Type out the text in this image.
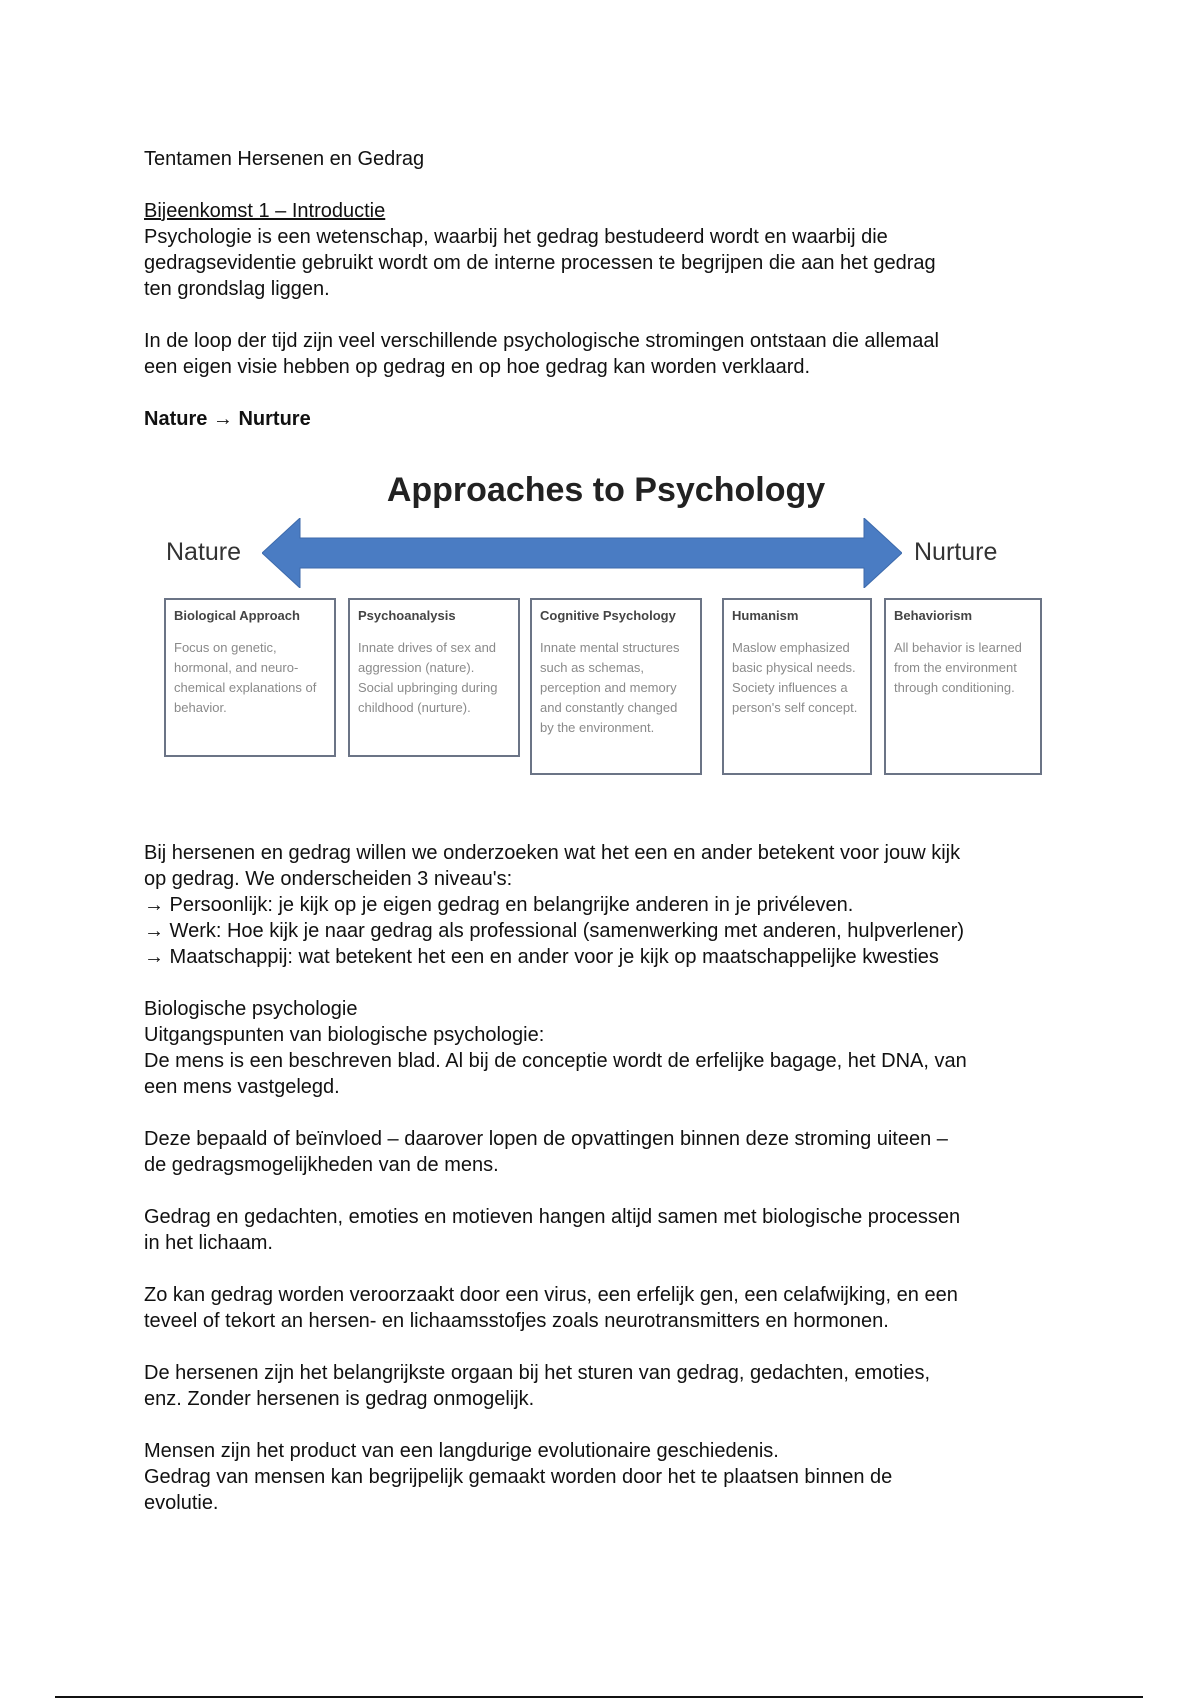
Tentamen Hersenen en Gedrag

Bijeenkomst 1 – Introductie

Psychologie is een wetenschap, waarbij het gedrag bestudeerd wordt en waarbij die

gedragsevidentie gebruikt wordt om de interne processen te begrijpen die aan het gedrag

ten grondslag liggen.

In de loop der tijd zijn veel verschillende psychologische stromingen ontstaan die allemaal

een eigen visie hebben op gedrag en op hoe gedrag kan worden verklaard.

Nature → Nurture

Approaches to Psychology
Nature	Nurture
Biological Approach

Focus on genetic, hormonal, and neuro-chemical explanations of behavior.

Psychoanalysis

Innate drives of sex and aggression (nature). Social upbringing during childhood (nurture).

Cognitive Psychology

Innate mental structures such as schemas, perception and memory and constantly changed by the environment.

Humanism

Maslow emphasized basic physical needs. Society influences a person's self concept.

Behaviorism

All behavior is learned from the environment through conditioning.

Bij hersenen en gedrag willen we onderzoeken wat het een en ander betekent voor jouw kijk

op gedrag. We onderscheiden 3 niveau's:

→ Persoonlijk: je kijk op je eigen gedrag en belangrijke anderen in je privéleven.

→ Werk: Hoe kijk je naar gedrag als professional (samenwerking met anderen, hulpverlener)

→ Maatschappij: wat betekent het een en ander voor je kijk op maatschappelijke kwesties

Biologische psychologie

Uitgangspunten van biologische psychologie:

De mens is een beschreven blad. Al bij de conceptie wordt de erfelijke bagage, het DNA, van

een mens vastgelegd.

Deze bepaald of beïnvloed – daarover lopen de opvattingen binnen deze stroming uiteen –

de gedragsmogelijkheden van de mens.

Gedrag en gedachten, emoties en motieven hangen altijd samen met biologische processen

in het lichaam.

Zo kan gedrag worden veroorzaakt door een virus, een erfelijk gen, een celafwijking, en een

teveel of tekort an hersen- en lichaamsstofjes zoals neurotransmitters en hormonen.

De hersenen zijn het belangrijkste orgaan bij het sturen van gedrag, gedachten, emoties,

enz. Zonder hersenen is gedrag onmogelijk.

Mensen zijn het product van een langdurige evolutionaire geschiedenis.

Gedrag van mensen kan begrijpelijk gemaakt worden door het te plaatsen binnen de

evolutie.
